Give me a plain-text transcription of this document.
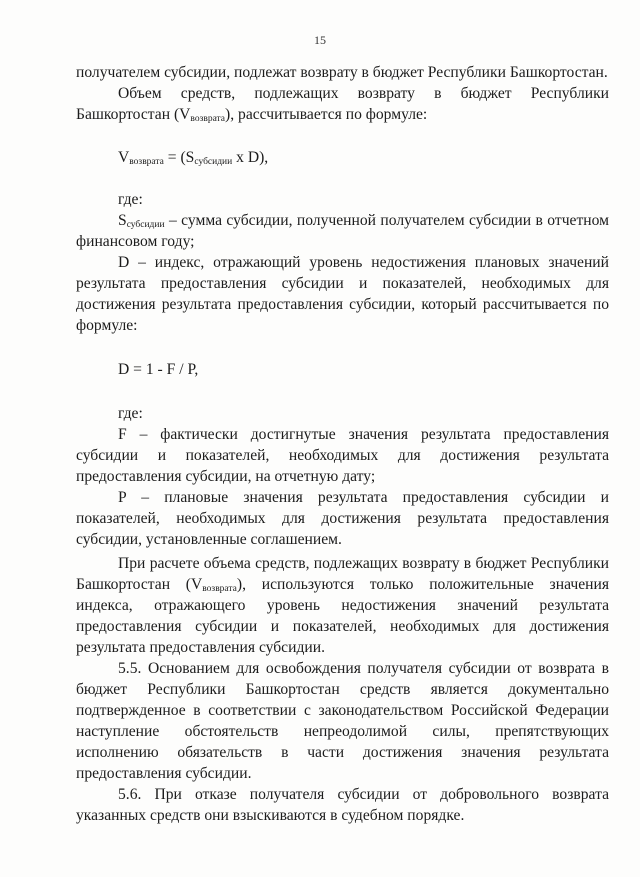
15

получателем субсидии, подлежат возврату в бюджет Республики Башкортостан.

Объем средств, подлежащих возврату в бюджет Республики Башкортостан $(V_{возврата})$, рассчитывается по формуле:

$V_{возврата} = (S_{субсидии}$ x D),

где:

$S_{субсидии}$ – сумма субсидии, полученной получателем субсидии в отчетном финансовом году;

D – индекс, отражающий уровень недостижения плановых значений результата предоставления субсидии и показателей, необходимых для достижения результата предоставления субсидии, который рассчитывается по формуле:

D = 1 - F / P,

где:

F – фактически достигнутые значения результата предоставления субсидии и показателей, необходимых для достижения результата предоставления субсидии, на отчетную дату;

P – плановые значения результата предоставления субсидии и показателей, необходимых для достижения результата предоставления субсидии, установленные соглашением.

При расчете объема средств, подлежащих возврату в бюджет Республики Башкортостан $(V_{возврата})$, используются только положительные значения индекса, отражающего уровень недостижения значений результата предоставления субсидии и показателей, необходимых для достижения результата предоставления субсидии.

5.5. Основанием для освобождения получателя субсидии от возврата в бюджет Республики Башкортостан средств является документально подтвержденное в соответствии с законодательством Российской Федерации наступление обстоятельств непреодолимой силы, препятствующих исполнению обязательств в части достижения значения результата предоставления субсидии.

5.6. При отказе получателя субсидии от добровольного возврата указанных средств они взыскиваются в судебном порядке.
